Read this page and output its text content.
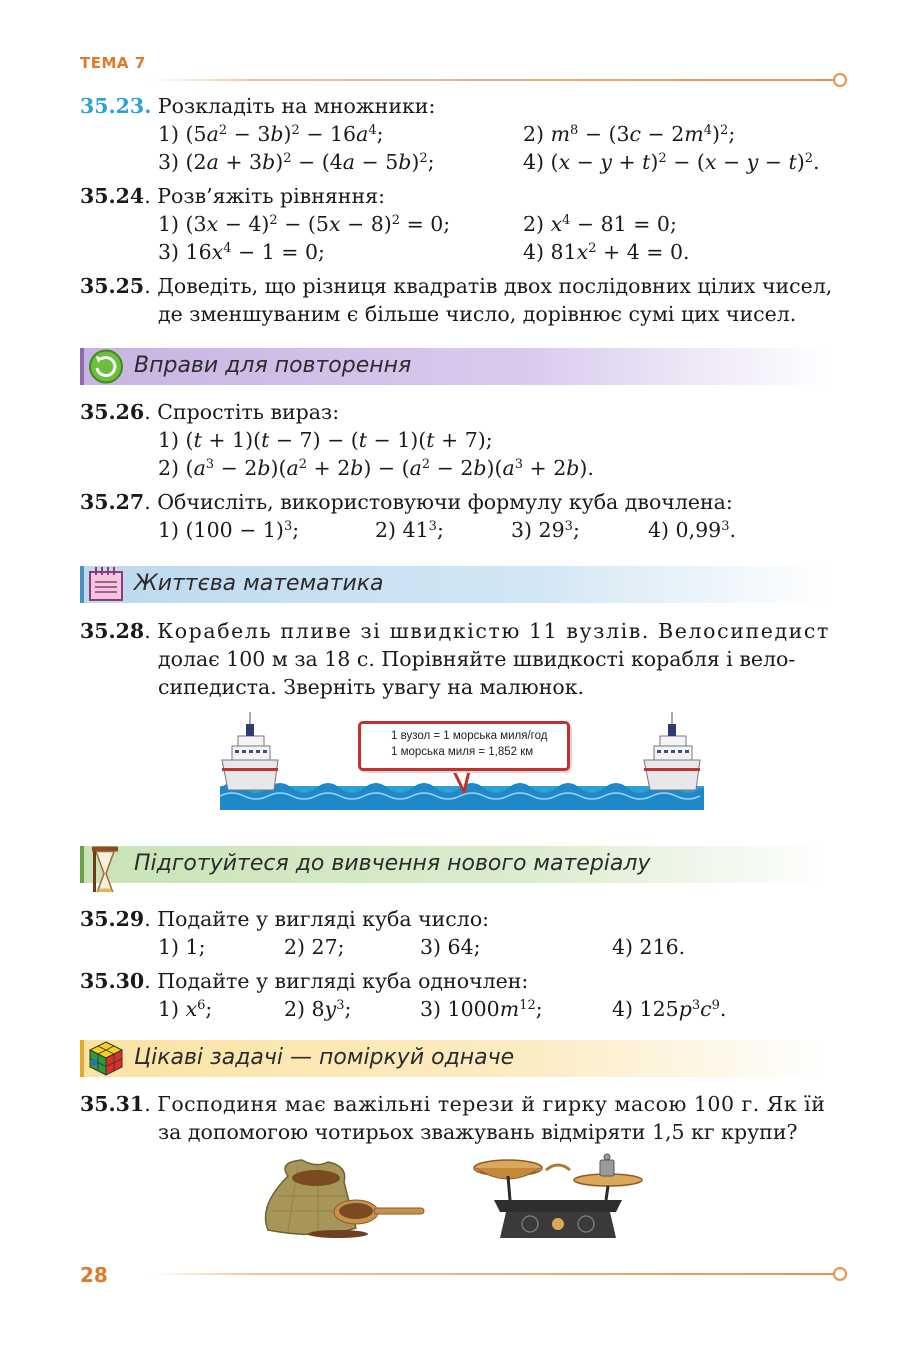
ТЕМА 7
35.23. Розкладіть на множники:
1) $(5a^2 - 3b)^2 - 16a^4$;	2) $m^8 - (3c - 2m^4)^2$;
3) $(2a + 3b)^2 - (4a - 5b)^2$;	4) $(x - y + t)^2 - (x - y - t)^2$.
35.24. Розв’яжіть рівняння:
1) $(3x - 4)^2 - (5x - 8)^2 = 0$;	2) $x^4 - 81 = 0$;
3) $16x^4 - 1 = 0$;	4) $81x^2 + 4 = 0$.
35.25. Доведіть, що різниця квадратів двох послідовних цілих чисел,
де зменшуваним є більше число, дорівнює сумі цих чисел.
Вправи для повторення
35.26. Спростіть вираз:
1) (t + 1)(t − 7) − (t − 1)(t + 7);
2) $(a^3 - 2b)(a^2 + 2b) - (a^2 - 2b)(a^3 + 2b)$.
35.27. Обчисліть, використовуючи формулу куба двочлена:
1) $(100 - 1)^3$;	2) $41^3$;	3) $29^3$;	4) 0,99$^3$.
Життєва математика
35.28. Корабель пливе зі швидкістю 11 вузлів. Велосипедист
долає 100 м за 18 с. Порівняйте швидкості корабля і вело-
сипедиста. Зверніть увагу на малюнок.
1 вузол = 1 морська миля/год
1 морська миля = 1,852 км
Підготуйтеся до вивчення нового матеріалу
35.29. Подайте у вигляді куба число:
1) 1;	2) 27;	3) 64;	4) 216.
35.30. Подайте у вигляді куба одночлен:
1) $x^6$;	2) $8y^3$;	3) $1000m^{12}$;	4) $125p^3c^9$.
Цікаві задачі — поміркуй одначе
35.31. Господиня має важільні терези й гирку масою 100 г. Як їй
за допомогою чотирьох зважувань відміряти 1,5 кг крупи?
28
